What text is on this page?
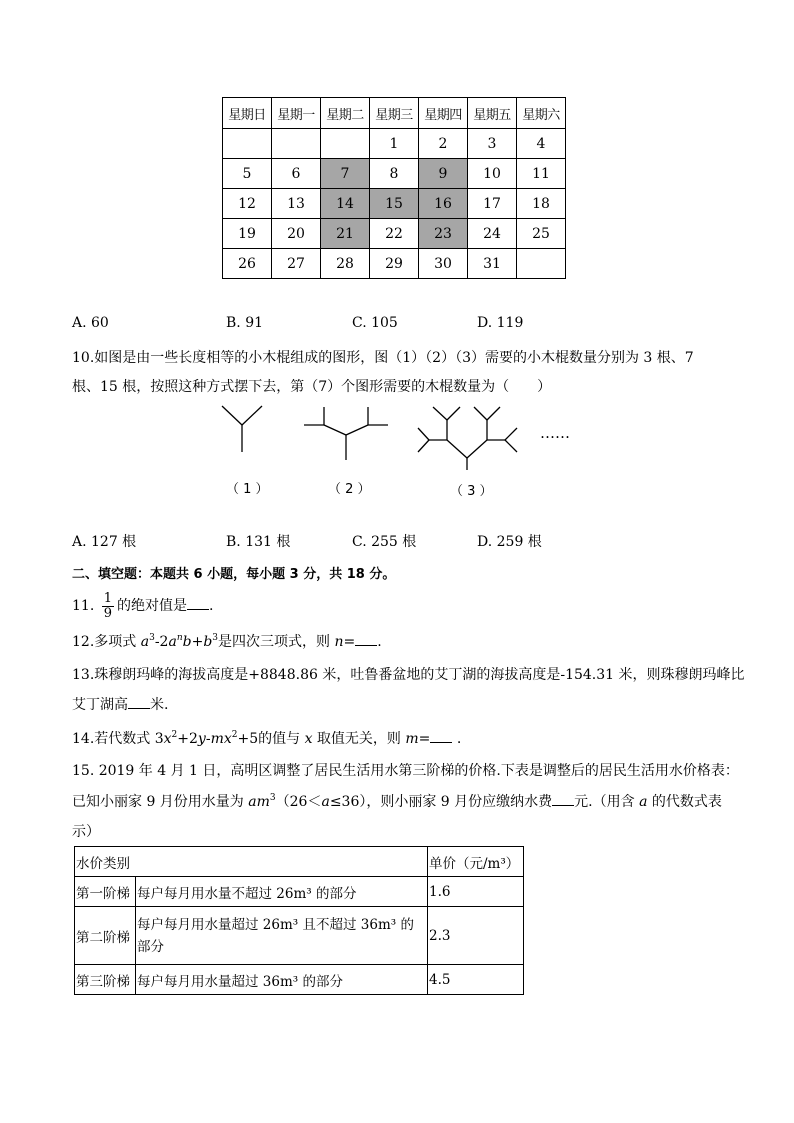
星期日	星期一	星期二	星期三	星期四	星期五	星期六
			1	2	3	4
5	6	7	8	9	10	11
12	13	14	15	16	17	18
19	20	21	22	23	24	25
26	27	28	29	30	31	
A. 60	B. 91	C. 105	D. 119
10.如图是由一些长度相等的小木棍组成的图形，图（1）（2）（3）需要的小木棍数量分别为 3 根、7
根、15 根，按照这种方式摆下去，第（7）个图形需要的木棍数量为（　　）
……
（ 1 ）	（ 2 ）	（ 3 ）
A. 127 根	B. 131 根	C. 255 根	D. 259 根
二、填空题：本题共 6 小题，每小题 3 分，共 18 分。
11. $\frac{1}{9}$ 的绝对值是 .
12.多项式 $a^3-2a^nb+b^3$是四次三项式，则 n= .
13.珠穆朗玛峰的海拔高度是+8848.86 米，吐鲁番盆地的艾丁湖的海拔高度是-154.31 米，则珠穆朗玛峰比
艾丁湖高 米.
14.若代数式 $3x^2+2y-mx^2+5$的值与 x 取值无关，则 m= .
15. 2019 年 4 月 1 日，高明区调整了居民生活用水第三阶梯的价格.下表是调整后的居民生活用水价格表：
已知小丽家 9 月份用水量为 $am^3(26<a\le 36)$，则小丽家 9 月份应缴纳水费 元.（用含 a 的代数式表
示）
水价类别		单价（元/m³）
第一阶梯	每户每月用水量不超过 26m³ 的部分	1.6
第二阶梯	每户每月用水量超过 26m³ 且不超过 36m³ 的部分	2.3
第三阶梯	每户每月用水量超过 36m³ 的部分	4.5
